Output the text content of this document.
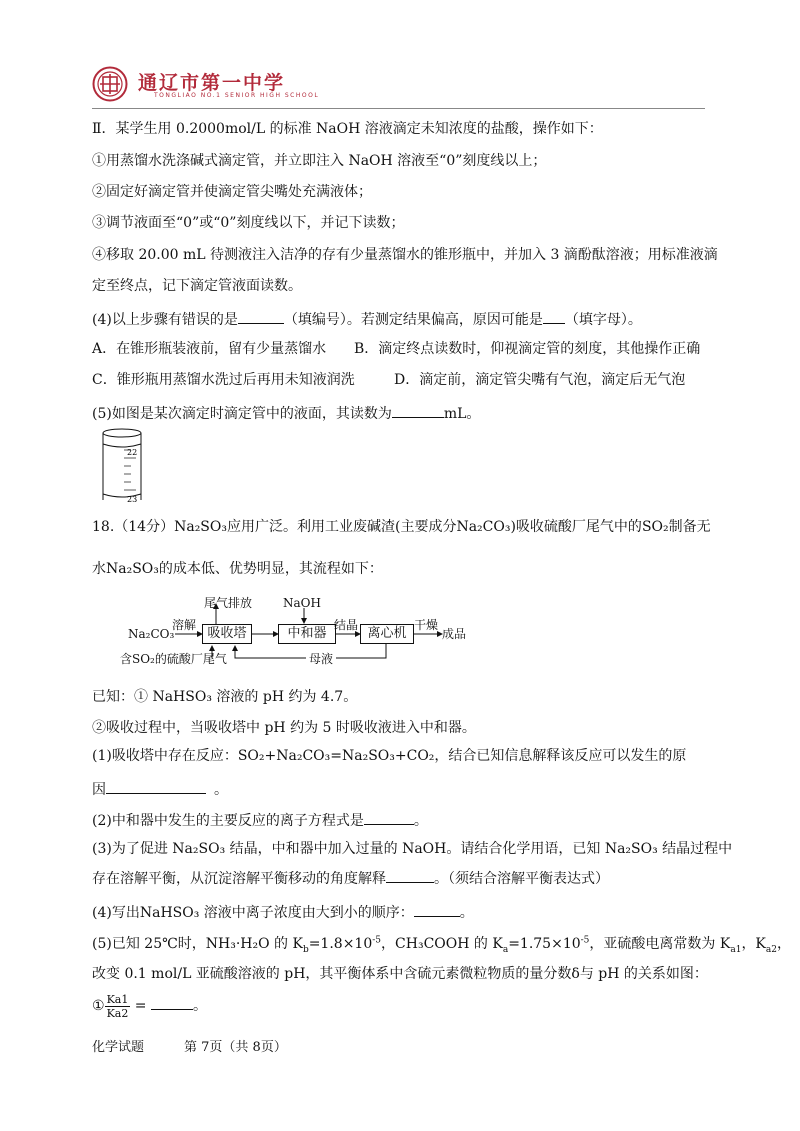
通辽市第一中学
TONGLIAO NO.1 SENIOR HIGH SCHOOL
Ⅱ．某学生用 0.2000mol/L 的标准 NaOH 溶液滴定未知浓度的盐酸，操作如下：
①用蒸馏水洗涤碱式滴定管，并立即注入 NaOH 溶液至“0”刻度线以上；
②固定好滴定管并使滴定管尖嘴处充满液体；
③调节液面至“0”或“0”刻度线以下，并记下读数；
④移取 20.00 mL 待测液注入洁净的存有少量蒸馏水的锥形瓶中，并加入 3 滴酚酞溶液；用标准液滴
定至终点，记下滴定管液面读数。
(4)以上步骤有错误的是	（填编号）。若测定结果偏高，原因可能是 （填字母）。
A．在锥形瓶装液前，留有少量蒸馏水 B．滴定终点读数时，仰视滴定管的刻度，其他操作正确
C．锥形瓶用蒸馏水洗过后再用未知液润洗	D．滴定前，滴定管尖嘴有气泡，滴定后无气泡
(5)如图是某次滴定时滴定管中的液面，其读数为	mL。
22
23
18.（14分）Na₂SO₃应用广泛。利用工业废碱渣(主要成分Na₂CO₃)吸收硫酸厂尾气中的SO₂制备无
水Na₂SO₃的成本低、优势明显，其流程如下：
尾气排放	NaOH
溶解
Na₂CO₃	吸收塔	中和器
结晶
离心机
干燥
成品
含SO₂的硫酸厂尾气	母液
已知：① NaHSO₃ 溶液的 pH 约为 4.7。
②吸收过程中，当吸收塔中 pH 约为 5 时吸收液进入中和器。
(1)吸收塔中存在反应：SO₂+Na₂CO₃=Na₂SO₃+CO₂，结合已知信息解释该反应可以发生的原
因	。
(2)中和器中发生的主要反应的离子方程式是	。
(3)为了促进 Na₂SO₃ 结晶，中和器中加入过量的 NaOH。请结合化学用语，已知 Na₂SO₃ 结晶过程中
存在溶解平衡，从沉淀溶解平衡移动的角度解释	。（须结合溶解平衡表达式）
(4)写出NaHSO₃ 溶液中离子浓度由大到小的顺序：	。
(5)已知 25℃时，NH₃·H₂O 的 $K_b=1.8\times 10^{-5}$，CH₃COOH 的 $K_a=1.75\times 10^{-5}$，亚硫酸电离常数为 $K_{a1}$，$K_{a2}$，
改变 0.1 mol/L 亚硫酸溶液的 pH，其平衡体系中含硫元素微粒物质的量分数δ与 pH 的关系如图：
① $\frac{Ka1}{Ka2}$ =	。
化学试题	第 7页（共 8页）
